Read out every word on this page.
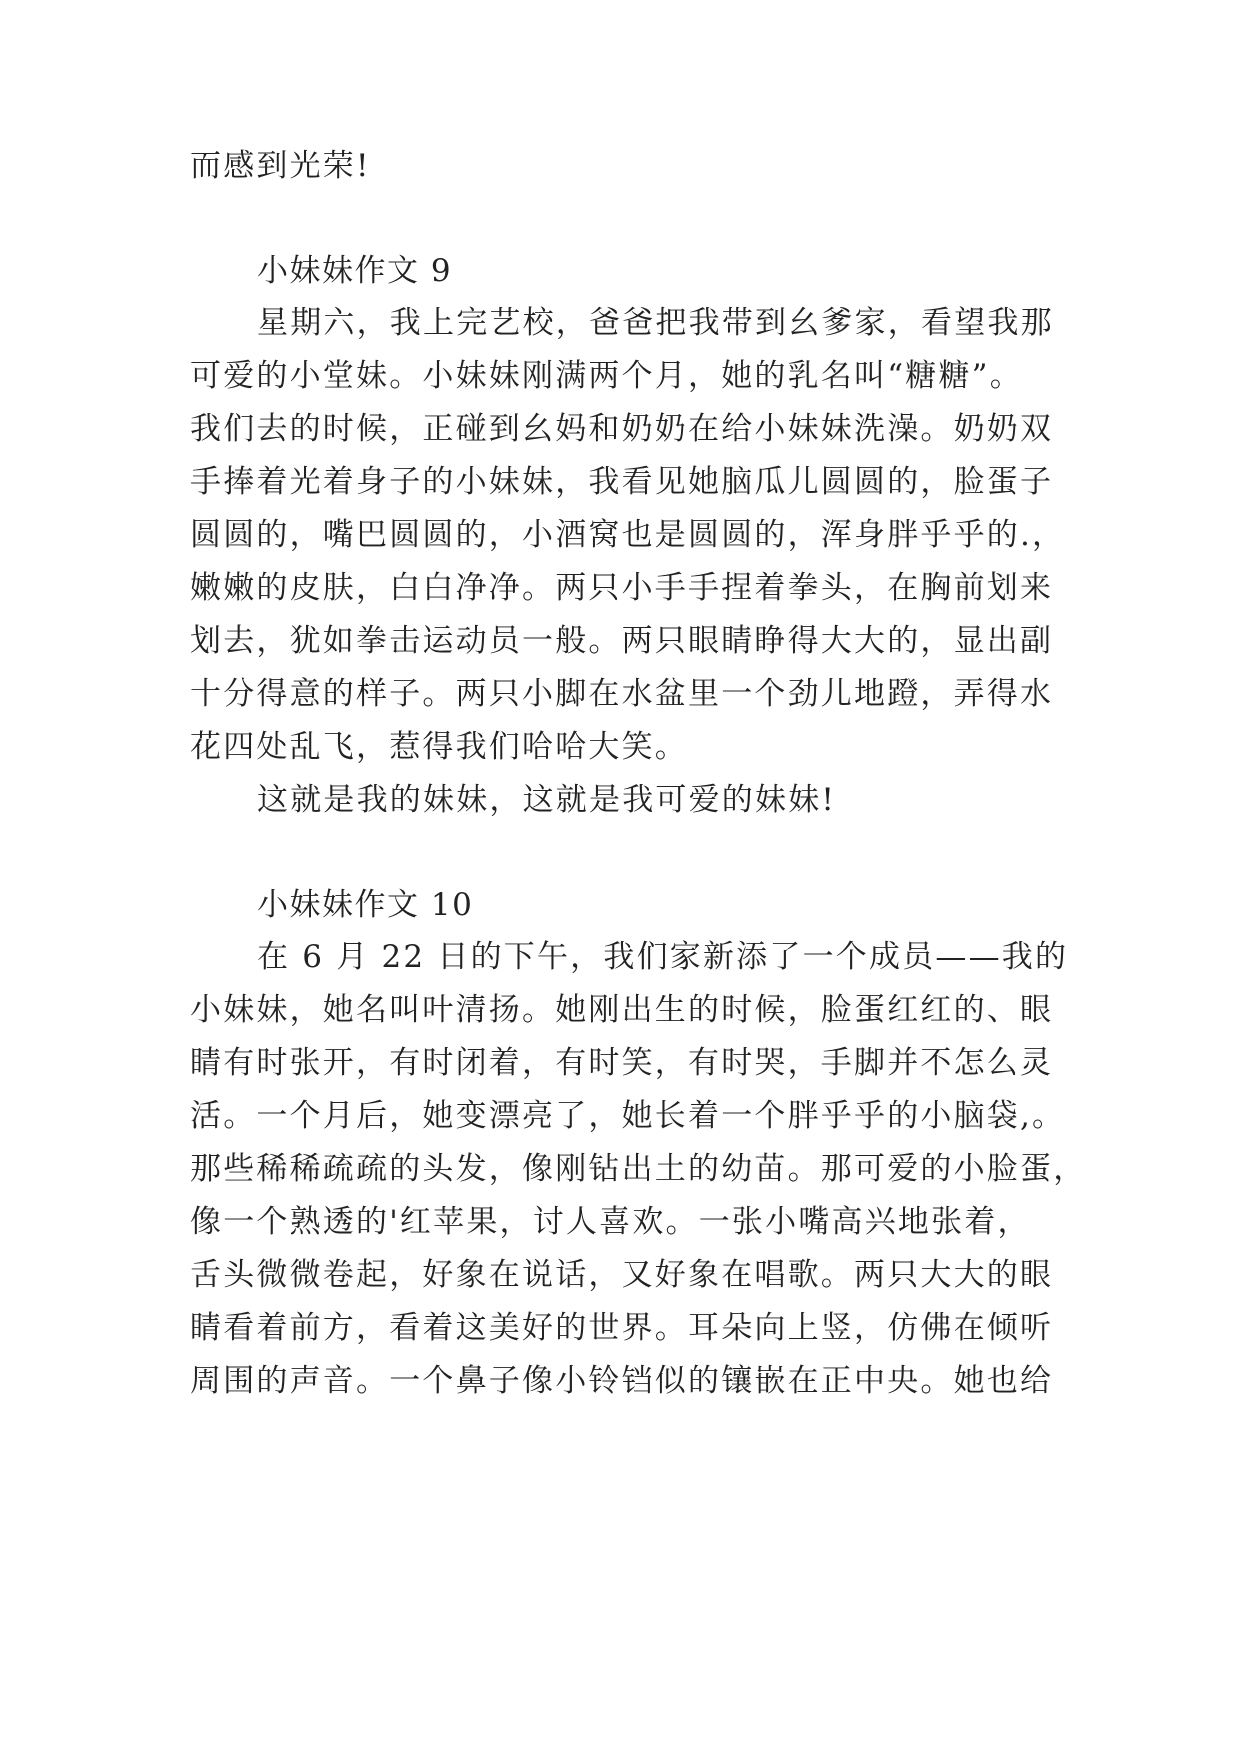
而感到光荣!
小妹妹作文 9
星期六，我上完艺校，爸爸把我带到幺爹家，看望我那
可爱的小堂妹。小妹妹刚满两个月，她的乳名叫“糖糖”。
我们去的时候，正碰到幺妈和奶奶在给小妹妹洗澡。奶奶双
手捧着光着身子的小妹妹，我看见她脑瓜儿圆圆的，脸蛋子
圆圆的，嘴巴圆圆的，小酒窝也是圆圆的，浑身胖乎乎的.，
嫩嫩的皮肤，白白净净。两只小手手捏着拳头，在胸前划来
划去，犹如拳击运动员一般。两只眼睛睁得大大的，显出副
十分得意的样子。两只小脚在水盆里一个劲儿地蹬，弄得水
花四处乱飞，惹得我们哈哈大笑。
这就是我的妹妹，这就是我可爱的妹妹!
小妹妹作文 10
在 6 月 22 日的下午，我们家新添了一个成员——我的
小妹妹，她名叫叶清扬。她刚出生的时候，脸蛋红红的、眼
睛有时张开，有时闭着，有时笑，有时哭，手脚并不怎么灵
活。一个月后，她变漂亮了，她长着一个胖乎乎的小脑袋,。
那些稀稀疏疏的头发，像刚钻出土的幼苗。那可爱的小脸蛋，
像一个熟透的'红苹果，讨人喜欢。一张小嘴高兴地张着，
舌头微微卷起，好象在说话，又好象在唱歌。两只大大的眼
睛看着前方，看着这美好的世界。耳朵向上竖，仿佛在倾听
周围的声音。一个鼻子像小铃铛似的镶嵌在正中央。她也给
